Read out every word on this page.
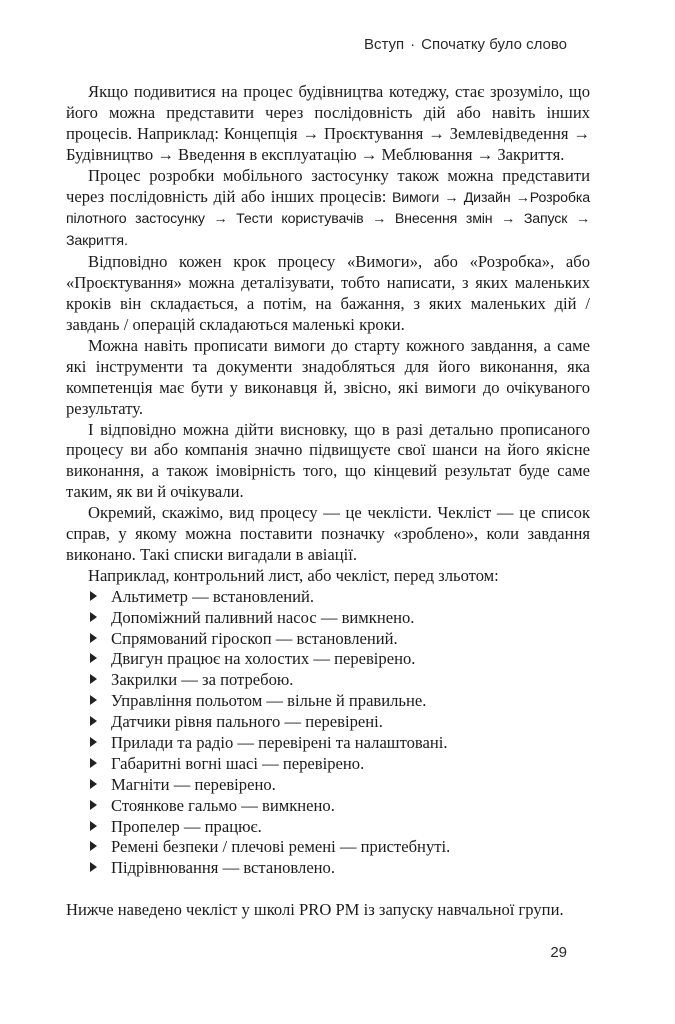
Вступ · Спочатку було слово

Якщо подивитися на процес будівництва котеджу, стає зрозуміло, що його можна представити через послідовність дій або навіть інших процесів. Наприклад: Концепція → Проєктування → Землевідведення → Будівництво → Введення в експлуатацію → Меблювання → Закриття.

Процес розробки мобільного застосунку також можна представити через послідовність дій або інших процесів: Вимоги → Дизайн →Розробка пілотного застосунку → Тести користувачів → Внесення змін → Запуск → Закриття.

Відповідно кожен крок процесу «Вимоги», або «Розробка», або «Проєктування» можна деталізувати, тобто написати, з яких маленьких кроків він складається, а потім, на бажання, з яких маленьких дій / завдань / операцій складаються маленькі кроки.

Можна навіть прописати вимоги до старту кожного завдання, а саме які інструменти та документи знадобляться для його виконання, яка компетенція має бути у виконавця й, звісно, які вимоги до очікуваного результату.

І відповідно можна дійти висновку, що в разі детально прописаного процесу ви або компанія значно підвищуєте свої шанси на його якісне виконання, а також імовірність того, що кінцевий результат буде саме таким, як ви й очікували.

Окремий, скажімо, вид процесу — це чеклісти. Чекліст — це список справ, у якому можна поставити позначку «зроблено», коли завдання виконано. Такі списки вигадали в авіації.

Наприклад, контрольний лист, або чекліст, перед зльотом:

Альтиметр — встановлений.
Допоміжний паливний насос — вимкнено.
Спрямований гіроскоп — встановлений.
Двигун працює на холостих — перевірено.
Закрилки — за потребою.
Управління польотом — вільне й правильне.
Датчики рівня пального — перевірені.
Прилади та радіо — перевірені та налаштовані.
Габаритні вогні шасі — перевірено.
Магніти — перевірено.
Стоянкове гальмо — вимкнено.
Пропелер — працює.
Ремені безпеки / плечові ремені — пристебнуті.
Підрівнювання — встановлено.

Нижче наведено чекліст у школі PRO PM із запуску навчальної групи.

29
